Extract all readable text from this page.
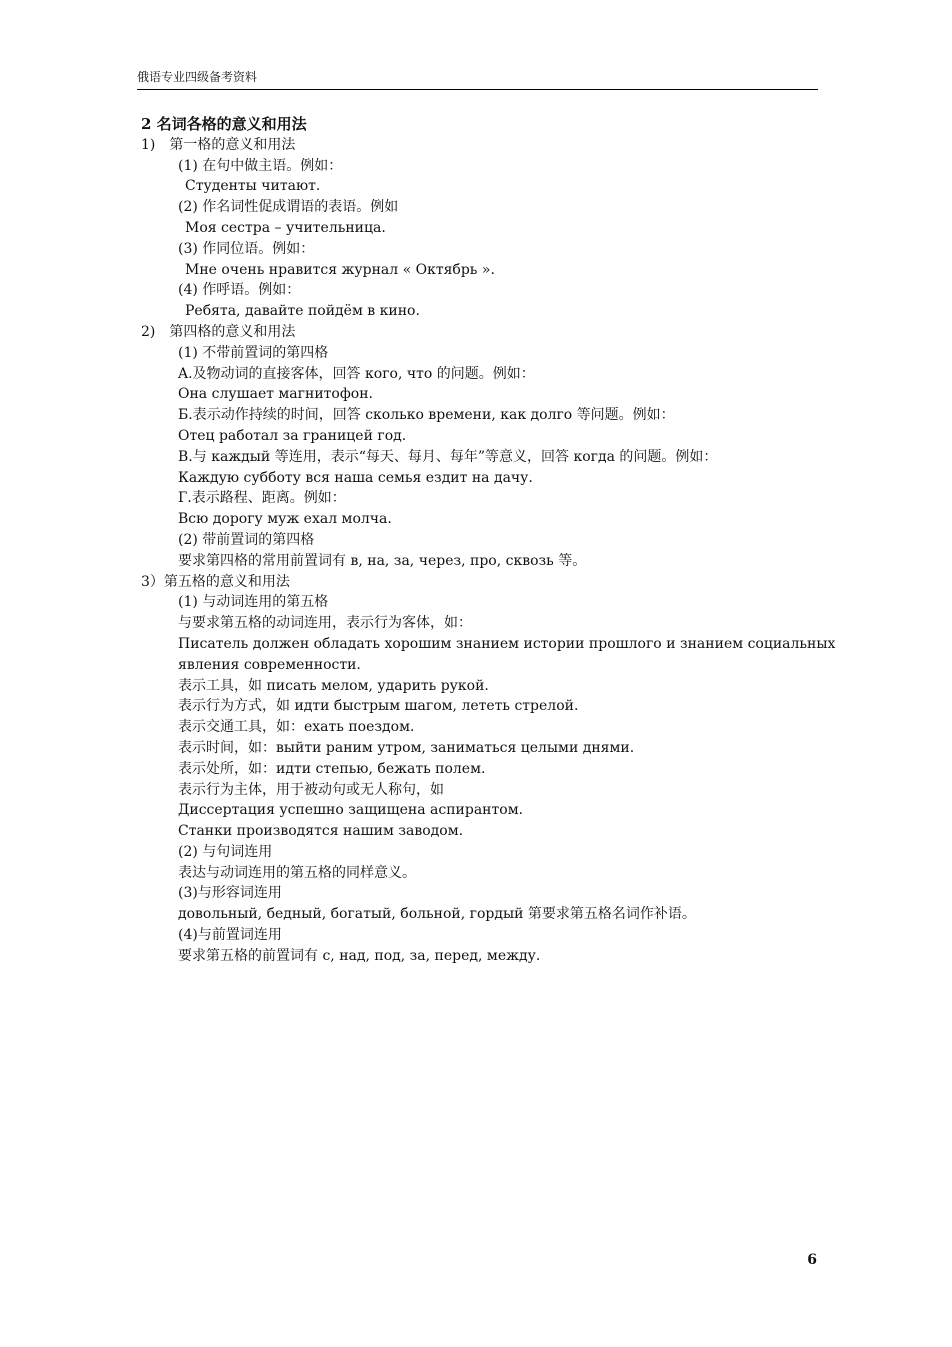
俄语专业四级备考资料
2 名词各格的意义和用法
1)　第一格的意义和用法
(1) 在句中做主语。例如：
Студенты читают.
(2) 作名词性促成谓语的表语。例如
Моя сестра – учительница.
(3) 作同位语。例如：
Мне очень нравится журнал « Октябрь ».
(4) 作呼语。例如：
Ребята, давайте пойдём в кино.
2)　第四格的意义和用法
(1) 不带前置词的第四格
A.及物动词的直接客体，回答 кого, что 的问题。例如：
Она слушает магнитофон.
Б.表示动作持续的时间，回答 сколько времени, как долго 等问题。例如：
Отец работал за границей год.
B.与 каждый 等连用，表示“每天、每月、每年”等意义，回答 когда 的问题。例如：
Каждую субботу вся наша семья ездит на дачу.
Г.表示路程、距离。例如：
Всю дорогу муж ехал молча.
(2) 带前置词的第四格
要求第四格的常用前置词有 в, на, за, через, про, сквозь 等。
3）第五格的意义和用法
(1) 与动词连用的第五格
与要求第五格的动词连用，表示行为客体，如：
Писатель должен обладать хорошим знанием истории прошлого и знанием социальных
явления современности.
表示工具，如 писать мелом, ударить рукой.
表示行为方式，如 идти быстрым шагом, лететь стрелой.
表示交通工具，如：ехать поездом.
表示时间，如：выйти раним утром, заниматься целыми днями.
表示处所，如：идти степью, бежать полем.
表示行为主体，用于被动句或无人称句，如
Диссертация успешно защищена аспирантом.
Станки производятся нашим заводом.
(2) 与句词连用
表达与动词连用的第五格的同样意义。
(3)与形容词连用
довольный, бедный, богатый, больной, гордый 第要求第五格名词作补语。
(4)与前置词连用
要求第五格的前置词有 с, над, под, за, перед, между.
6
